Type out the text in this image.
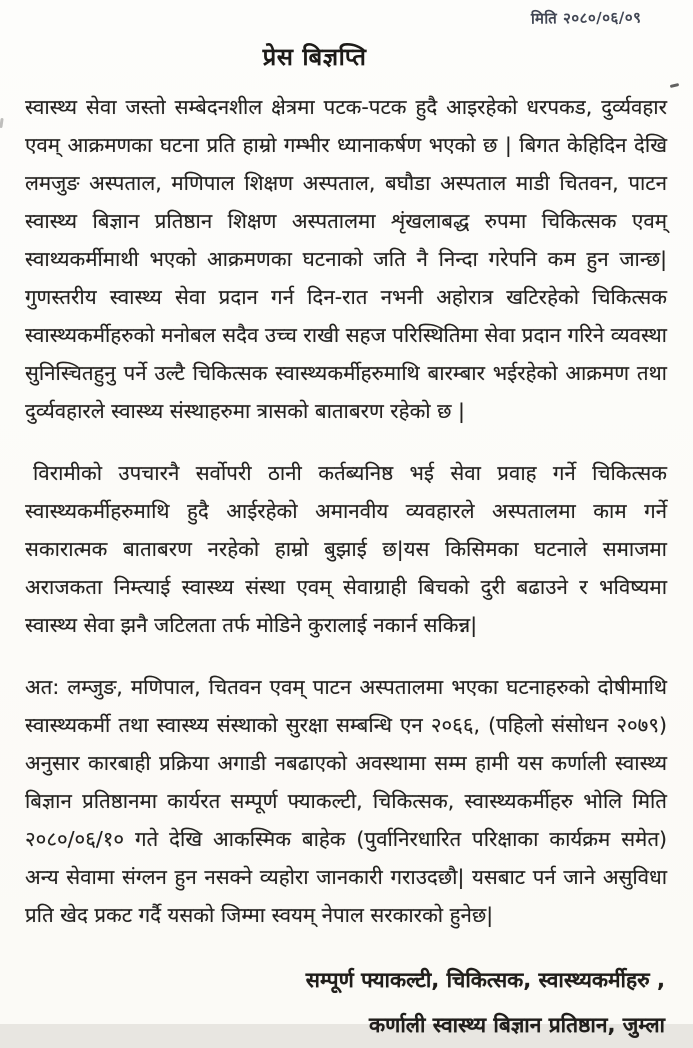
प्रेस बिज्ञप्ति
मिति २०८०/०६/०९

स्वास्थ्य सेवा जस्तो सम्बेदनशील क्षेत्रमा पटक-पटक हुदै आइरहेको धरपकड, दुर्व्यवहार एवम् आक्रमणका घटना प्रति हाम्रो गम्भीर ध्यानाकर्षण भएको छ | बिगत केहिदिन देखि लमजुङ अस्पताल, मणिपाल शिक्षण अस्पताल, बघौडा अस्पताल माडी चितवन, पाटन स्वास्थ्य बिज्ञान प्रतिष्ठान शिक्षण अस्पतालमा शृंखलाबद्ध रुपमा चिकित्सक एवम् स्वाथ्यकर्मीमाथी भएको आक्रमणका घटनाको जति नै निन्दा गरेपनि कम हुन जान्छ| गुणस्तरीय स्वास्थ्य सेवा प्रदान गर्न दिन-रात नभनी अहोरात्र खटिरहेको चिकित्सक स्वास्थ्यकर्मीहरुको मनोबल सदैव उच्च राखी सहज परिस्थितिमा सेवा प्रदान गरिने व्यवस्था सुनिस्चितहुनु पर्ने उल्टै चिकित्सक स्वास्थ्यकर्मीहरुमाथि बारम्बार भईरहेको आक्रमण तथा दुर्व्यवहारले स्वास्थ्य संस्थाहरुमा त्रासको बाताबरण रहेको छ |

विरामीको उपचारनै सर्वोपरी ठानी कर्तब्यनिष्ठ भई सेवा प्रवाह गर्ने चिकित्सक स्वास्थ्यकर्मीहरुमाथि हुदै आईरहेको अमानवीय व्यवहारले अस्पतालमा काम गर्ने सकारात्मक बाताबरण नरहेको हाम्रो बुझाई छ|यस किसिमका घटनाले समाजमा अराजकता निम्त्याई स्वास्थ्य संस्था एवम् सेवाग्राही बिचको दुरी बढाउने र भविष्यमा स्वास्थ्य सेवा झनै जटिलता तर्फ मोडिने कुरालाई नकार्न सकिन्न|

अत: लम्जुङ, मणिपाल, चितवन एवम् पाटन अस्पतालमा भएका घटनाहरुको दोषीमाथि स्वास्थ्यकर्मी तथा स्वास्थ्य संस्थाको सुरक्षा सम्बन्धि एन २०६६, (पहिलो संसोधन २०७९) अनुसार कारबाही प्रक्रिया अगाडी नबढाएको अवस्थामा सम्म हामी यस कर्णाली स्वास्थ्य बिज्ञान प्रतिष्ठानमा कार्यरत सम्पूर्ण फ्याकल्टी, चिकित्सक, स्वास्थ्यकर्मीहरु भोलि मिति २०८०/०६/१० गते देखि आकस्मिक बाहेक (पुर्वानिरधारित परिक्षाका कार्यक्रम समेत) अन्य सेवामा संग्लन हुन नसक्ने व्यहोरा जानकारी गराउदछौ| यसबाट पर्न जाने असुविधा प्रति खेद प्रकट गर्दै यसको जिम्मा स्वयम् नेपाल सरकारको हुनेछ|

सम्पूर्ण फ्याकल्टी, चिकित्सक, स्वास्थ्यकर्मीहरु ,
कर्णाली स्वास्थ्य बिज्ञान प्रतिष्ठान, जुम्ला
